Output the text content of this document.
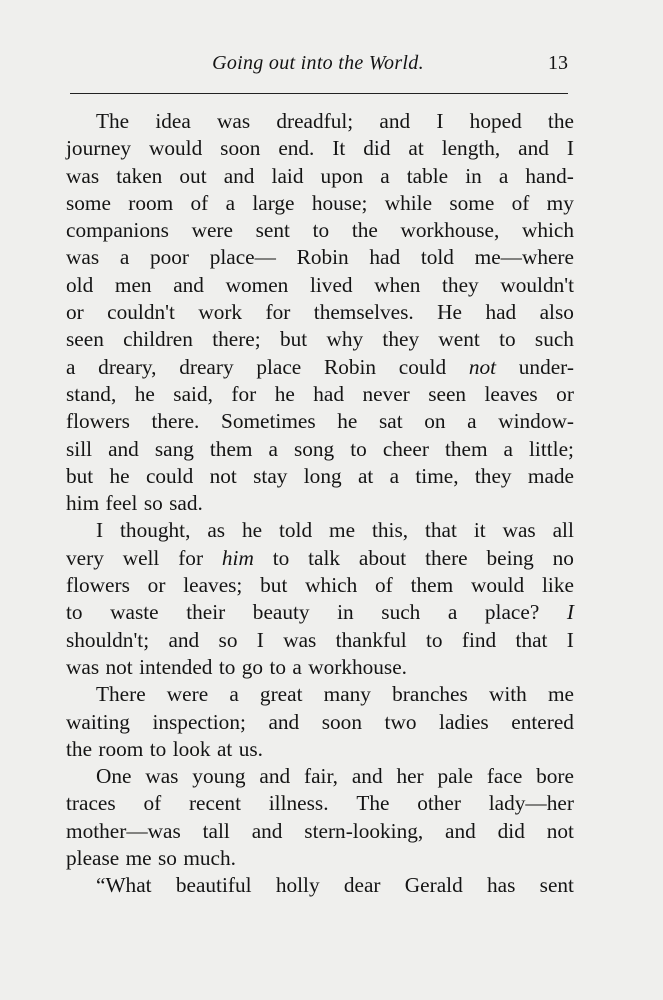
Going out into the World.	13
The idea was dreadful; and I hoped the
journey would soon end. It did at length, and I
was taken out and laid upon a table in a hand-
some room of a large house; while some of my
companions were sent to the workhouse, which
was a poor place— Robin had told me—where
old men and women lived when they wouldn't
or couldn't work for themselves. He had also
seen children there; but why they went to such
a dreary, dreary place Robin could not under-
stand, he said, for he had never seen leaves or
flowers there. Sometimes he sat on a window-
sill and sang them a song to cheer them a little;
but he could not stay long at a time, they made
him feel so sad.
I thought, as he told me this, that it was all
very well for him to talk about there being no
flowers or leaves; but which of them would like
to waste their beauty in such a place? I
shouldn't; and so I was thankful to find that I
was not intended to go to a workhouse.
There were a great many branches with me
waiting inspection; and soon two ladies entered
the room to look at us.
One was young and fair, and her pale face bore
traces of recent illness. The other lady—her
mother—was tall and stern-looking, and did not
please me so much.
“What beautiful holly dear Gerald has sent
